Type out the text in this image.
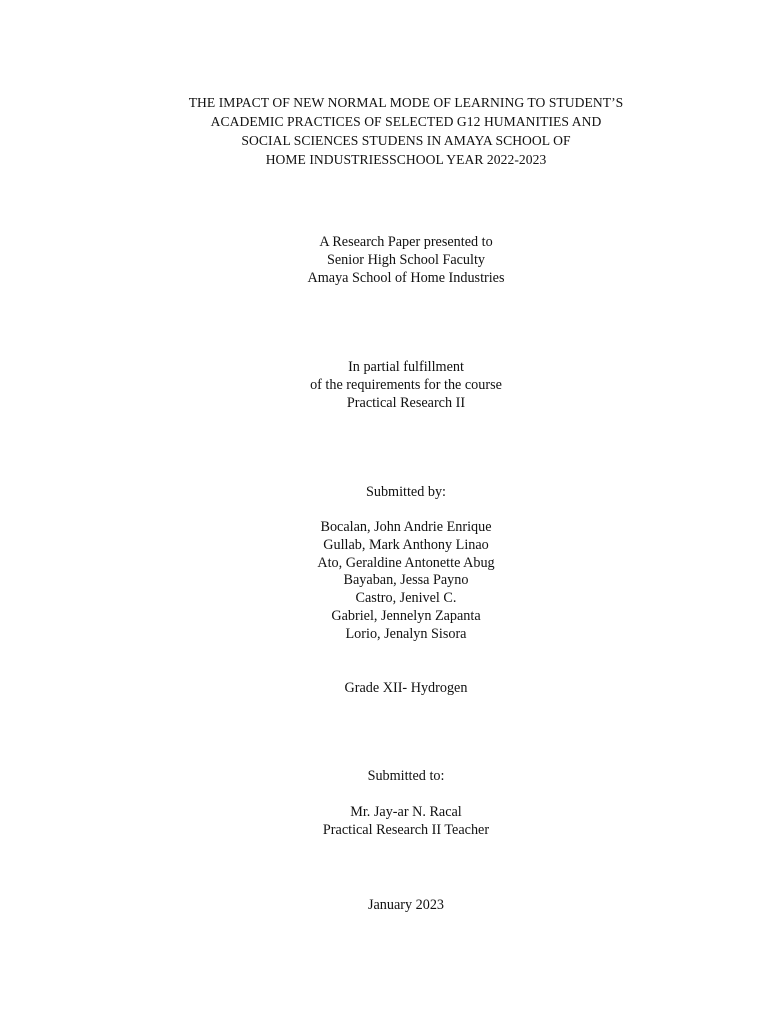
THE IMPACT OF NEW NORMAL MODE OF LEARNING TO STUDENT’S
ACADEMIC PRACTICES OF SELECTED G12 HUMANITIES AND
SOCIAL SCIENCES STUDENS IN AMAYA SCHOOL OF
HOME INDUSTRIESSCHOOL YEAR 2022-2023
A Research Paper presented to
Senior High School Faculty
Amaya School of Home Industries
In partial fulfillment
of the requirements for the course
Practical Research II
Submitted by:
Bocalan, John Andrie Enrique
Gullab, Mark Anthony Linao
Ato, Geraldine Antonette Abug
Bayaban, Jessa Payno
Castro, Jenivel C.
Gabriel, Jennelyn Zapanta
Lorio, Jenalyn Sisora
Grade XII- Hydrogen
Submitted to:
Mr. Jay-ar N. Racal
Practical Research II Teacher
January 2023
